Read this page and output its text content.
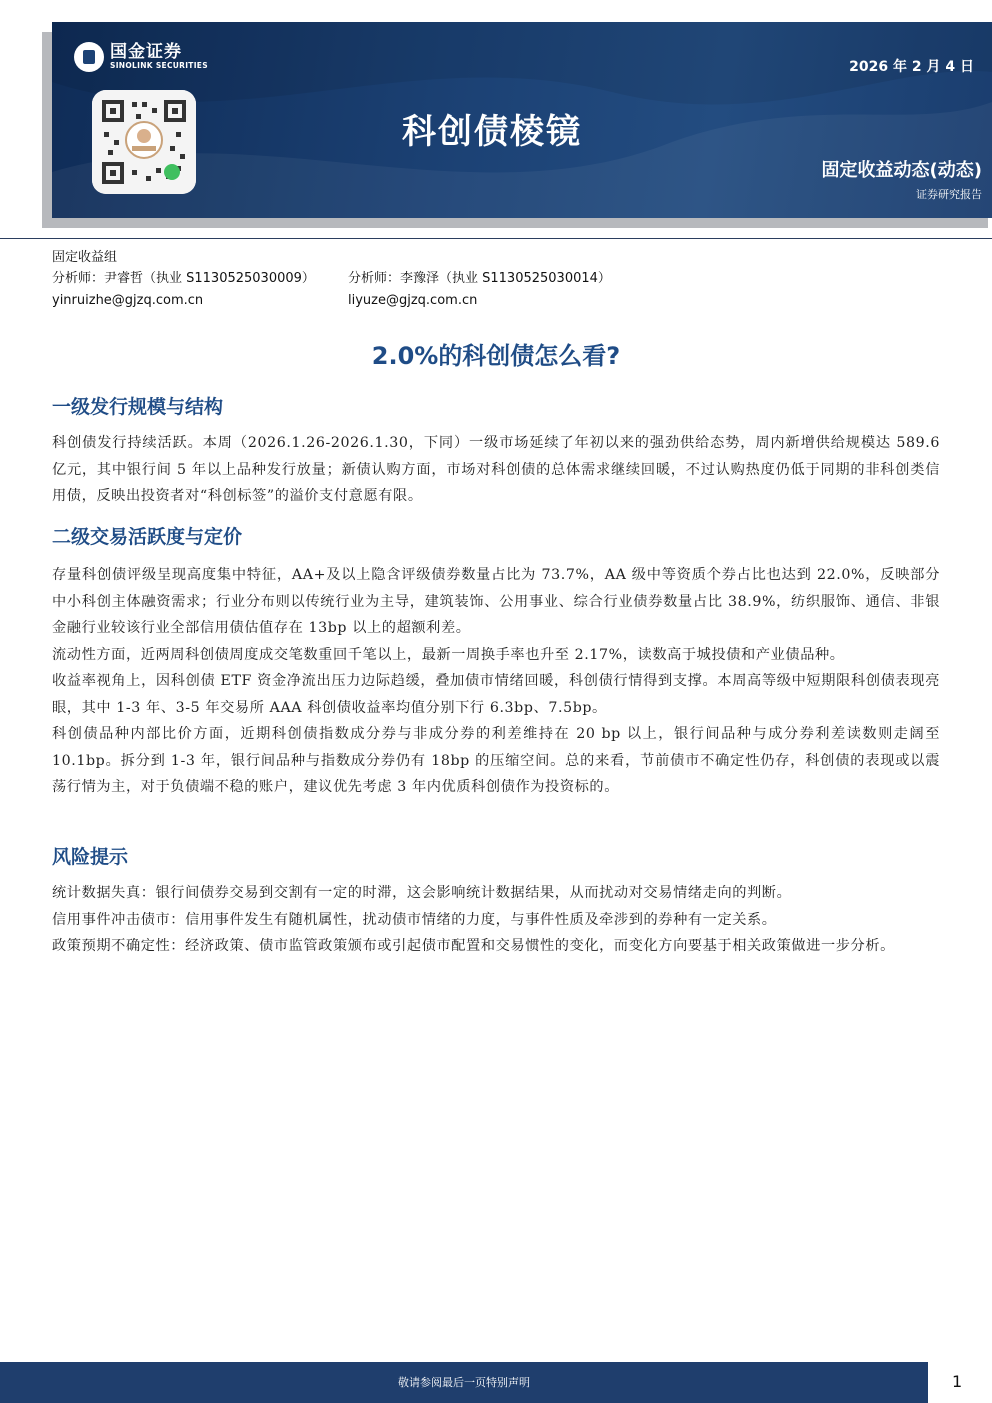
国金证券
SINOLINK SECURITIES	2026 年 2 月 4 日
科创债棱镜
固定收益动态(动态)
证券研究报告
固定收益组
分析师：尹睿哲（执业 S1130525030009）	分析师：李豫泽（执业 S1130525030014）
yinruizhe@gjzq.com.cn	liyuze@gjzq.com.cn
2.0%的科创债怎么看?
一级发行规模与结构

科创债发行持续活跃。本周（2026.1.26-2026.1.30，下同）一级市场延续了年初以来的强劲供给态势，周内新增供给规模达 589.6亿元，其中银行间 5 年以上品种发行放量；新债认购方面，市场对科创债的总体需求继续回暖，不过认购热度仍低于同期的非科创类信用债，反映出投资者对“科创标签”的溢价支付意愿有限。

二级交易活跃度与定价

存量科创债评级呈现高度集中特征，AA+及以上隐含评级债券数量占比为 73.7%，AA 级中等资质个券占比也达到 22.0%，反映部分中小科创主体融资需求；行业分布则以传统行业为主导，建筑装饰、公用事业、综合行业债券数量占比 38.9%，纺织服饰、通信、非银金融行业较该行业全部信用债估值存在 13bp 以上的超额利差。

流动性方面，近两周科创债周度成交笔数重回千笔以上，最新一周换手率也升至 2.17%，读数高于城投债和产业债品种。

收益率视角上，因科创债 ETF 资金净流出压力边际趋缓，叠加债市情绪回暖，科创债行情得到支撑。本周高等级中短期限科创债表现亮眼，其中 1-3 年、3-5 年交易所 AAA 科创债收益率均值分别下行 6.3bp、7.5bp。

科创债品种内部比价方面，近期科创债指数成分券与非成分券的利差维持在 20 bp 以上，银行间品种与成分券利差读数则走阔至 10.1bp。拆分到 1-3 年，银行间品种与指数成分券仍有 18bp 的压缩空间。总的来看，节前债市不确定性仍存，科创债的表现或以震荡行情为主，对于负债端不稳的账户，建议优先考虑 3 年内优质科创债作为投资标的。

风险提示

统计数据失真：银行间债券交易到交割有一定的时滞，这会影响统计数据结果，从而扰动对交易情绪走向的判断。

信用事件冲击债市：信用事件发生有随机属性，扰动债市情绪的力度，与事件性质及牵涉到的券种有一定关系。

政策预期不确定性：经济政策、债市监管政策颁布或引起债市配置和交易惯性的变化，而变化方向要基于相关政策做进一步分析。

敬请参阅最后一页特别声明	1
